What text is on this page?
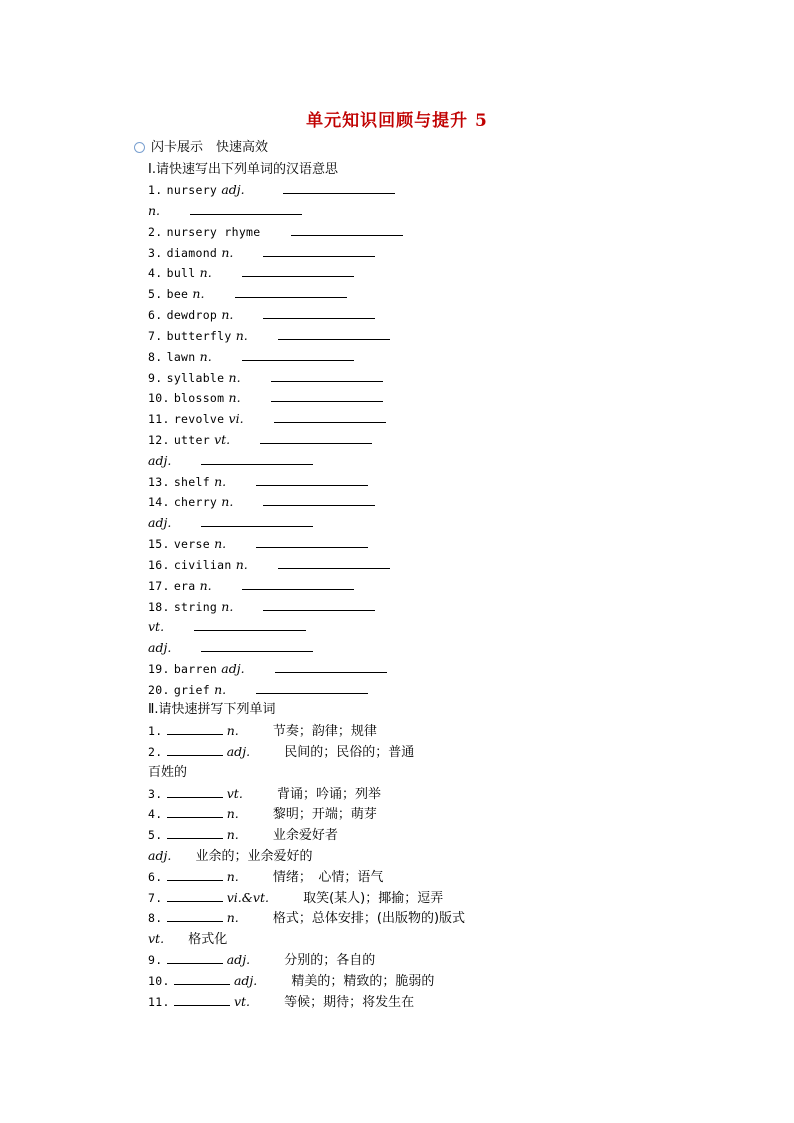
单元知识回顾与提升 5
闪卡展示　快速高效
Ⅰ.请快速写出下列单词的汉语意思
1. nursery adj.
n.
2. nursery rhyme
3. diamond n.
4. bull n.
5. bee n.
6. dewdrop n.
7. butterfly n.
8. lawn n.
9. syllable n.
10. blossom n.
11. revolve vi.
12. utter vt.
adj.
13. shelf n.
14. cherry n.
adj.
15. verse n.
16. civilian n.
17. era n.
18. string n.
vt.
adj.
19. barren adj.
20. grief n.
Ⅱ.请快速拼写下列单词
1.	n.	节奏；韵律；规律
2.	adj.	民间的；民俗的；普通
百姓的
3.	vt.	背诵；吟诵；列举
4.	n.	黎明；开端；萌芽
5.	n.	业余爱好者
adj. 业余的；业余爱好的
6.	n.	情绪；　心情；语气
7.	vi.&vt.	取笑(某人)；揶揄；逗弄
8.	n.	格式；总体安排；(出版物的)版式
vt. 格式化
9.	adj.	分别的；各自的
10.	adj.	精美的；精致的；脆弱的
11.	vt.	等候；期待；将发生在
